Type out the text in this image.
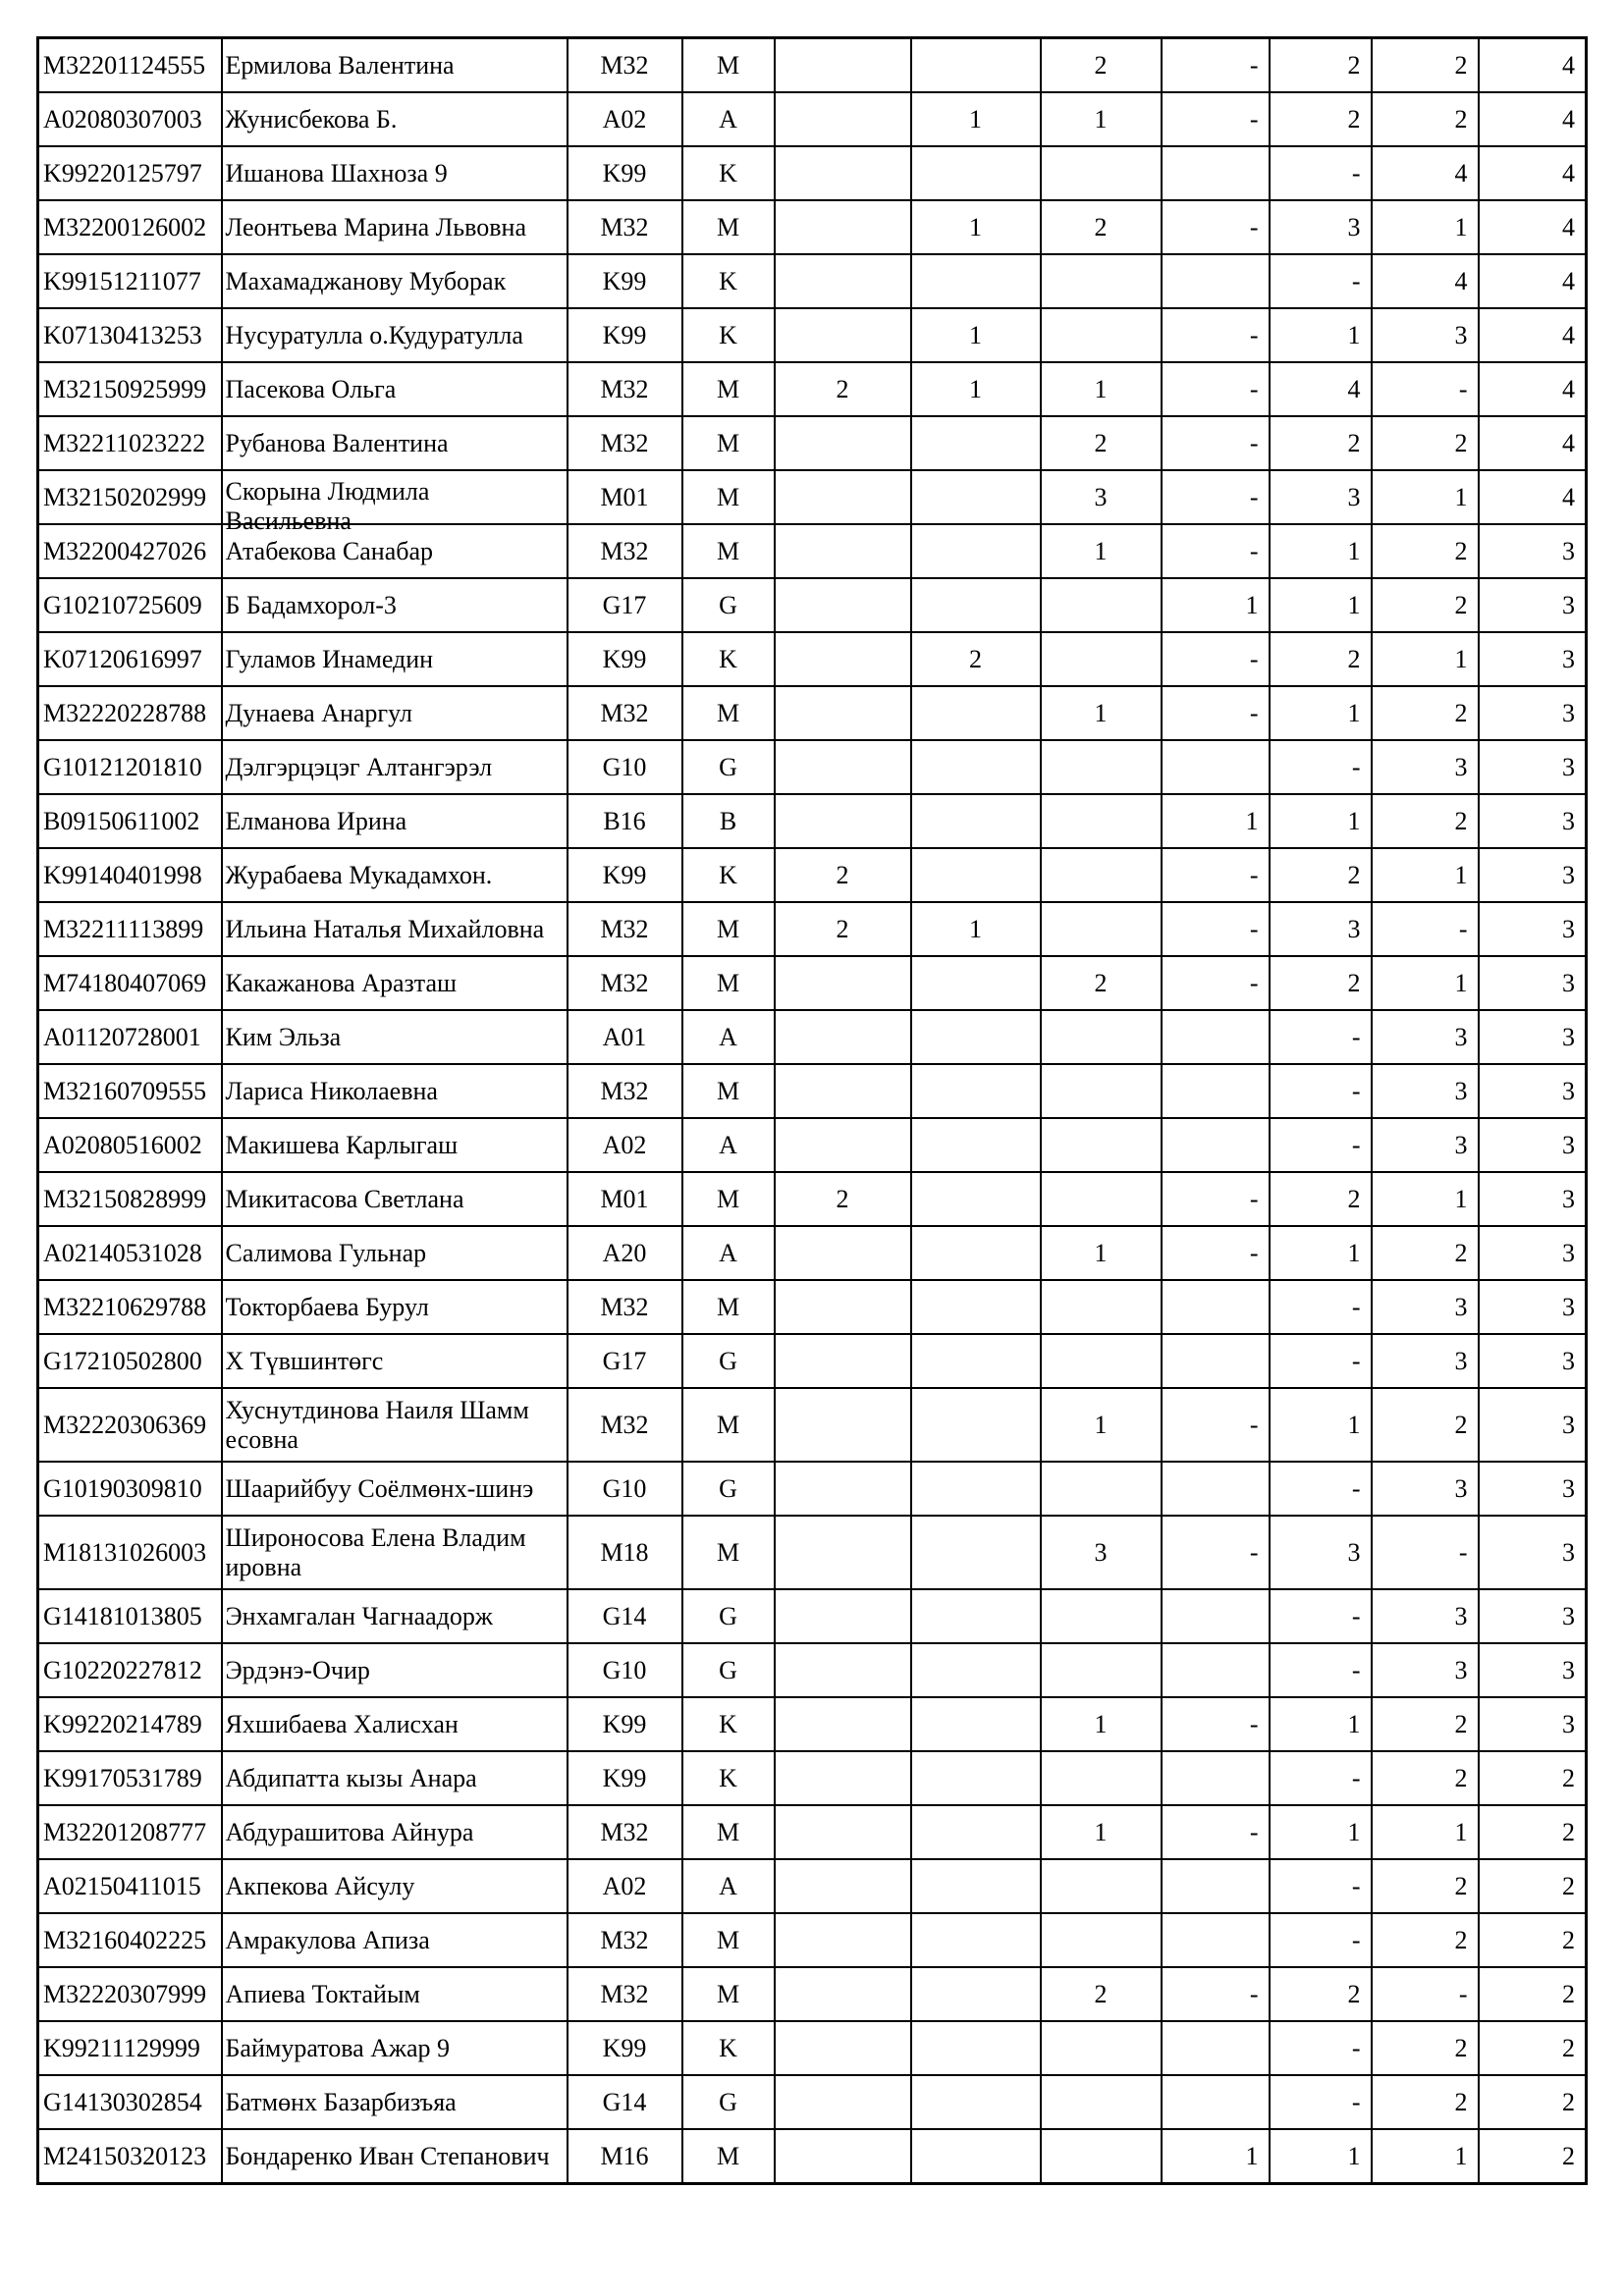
M32201124555	Ермилова Валентина	M32	M			2	-	2	2	4
A02080307003	Жунисбекова Б.	A02	A		1	1	-	2	2	4
K99220125797	Ишанова Шахноза 9	K99	K					-	4	4
M32200126002	Леонтьева Марина Львовна	M32	M		1	2	-	3	1	4
K99151211077	Махамаджанову Муборак	K99	K					-	4	4
K07130413253	Нусуратулла о.Кудуратулла	K99	K		1		-	1	3	4
M32150925999	Пасекова Ольга	M32	M	2	1	1	-	4	-	4
M32211023222	Рубанова Валентина	M32	M			2	-	2	2	4
M32150202999	Скорына Людмила Васильевна	M01	M			3	-	3	1	4
M32200427026	Атабекова Санабар	M32	M			1	-	1	2	3
G10210725609	Б Бадамхорол-3	G17	G				1	1	2	3
K07120616997	Гуламов Инамедин	K99	K		2		-	2	1	3
M32220228788	Дунаева Анаргул	M32	M			1	-	1	2	3
G10121201810	Дэлгэрцэцэг Алтангэрэл	G10	G					-	3	3
B09150611002	Елманова Ирина	B16	B				1	1	2	3
K99140401998	Журабаева Мукадамхон.	K99	K	2			-	2	1	3
M32211113899	Ильина Наталья Михайловна	M32	M	2	1		-	3	-	3
M74180407069	Какажанова Аразташ	M32	M			2	-	2	1	3
A01120728001	Ким Эльза	A01	A					-	3	3
M32160709555	Лариса Николаевна	M32	M					-	3	3
A02080516002	Макишева Карлыгаш	A02	A					-	3	3
M32150828999	Микитасова Светлана	M01	M	2			-	2	1	3
A02140531028	Салимова Гульнар	A20	A			1	-	1	2	3
M32210629788	Токторбаева Бурул	M32	M					-	3	3
G17210502800	Х Түвшинтөгс	G17	G					-	3	3
M32220306369	Хуснутдинова Наиля Шамм есовна	M32	M			1	-	1	2	3
G10190309810	Шаарийбуу Соёлмөнх-шинэ	G10	G					-	3	3
M18131026003	Широносова Елена Владим ировна	M18	M			3	-	3	-	3
G14181013805	Энхамгалан Чагнаадорж	G14	G					-	3	3
G10220227812	Эрдэнэ-Очир	G10	G					-	3	3
K99220214789	Яхшибаева Халисхан	K99	K			1	-	1	2	3
K99170531789	Абдипатта кызы Анара	K99	K					-	2	2
M32201208777	Абдурашитова Айнура	M32	M			1	-	1	1	2
A02150411015	Акпекова Айсулу	A02	A					-	2	2
M32160402225	Амракулова Апиза	M32	M					-	2	2
M32220307999	Апиева Токтайым	M32	M			2	-	2	-	2
K99211129999	Баймуратова Ажар 9	K99	K					-	2	2
G14130302854	Батмөнх Базарбизъяа	G14	G					-	2	2
M24150320123	Бондаренко Иван Степанович	M16	M				1	1	1	2
